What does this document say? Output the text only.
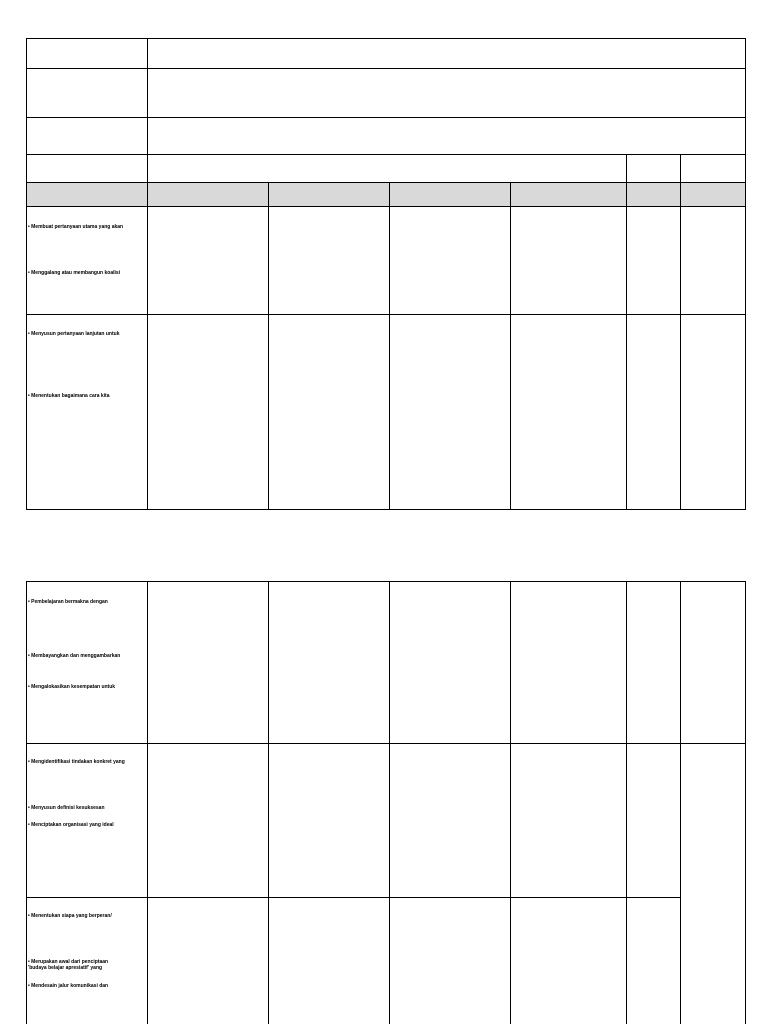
• Membuat pertanyaan utama yang akan
• Menggalang atau membangun koalisi
• Menyusun pertanyaan lanjutan untuk
• Menentukan bagaimana cara kita
• Pembelajaran bermakna dengan
• Membayangkan dan menggambarkan
• Mengalokasikan kesempatan untuk
• Mengidentifikasi tindakan konkret yang
• Menyusun definisi kesuksesan
• Menciptakan organisasi yang ideal
• Menentukan siapa yang berperan/
• Merupakan awal dari penciptaan
'budaya belajar apresiatif' yang
• Mendesain jalur komunikasi dan
